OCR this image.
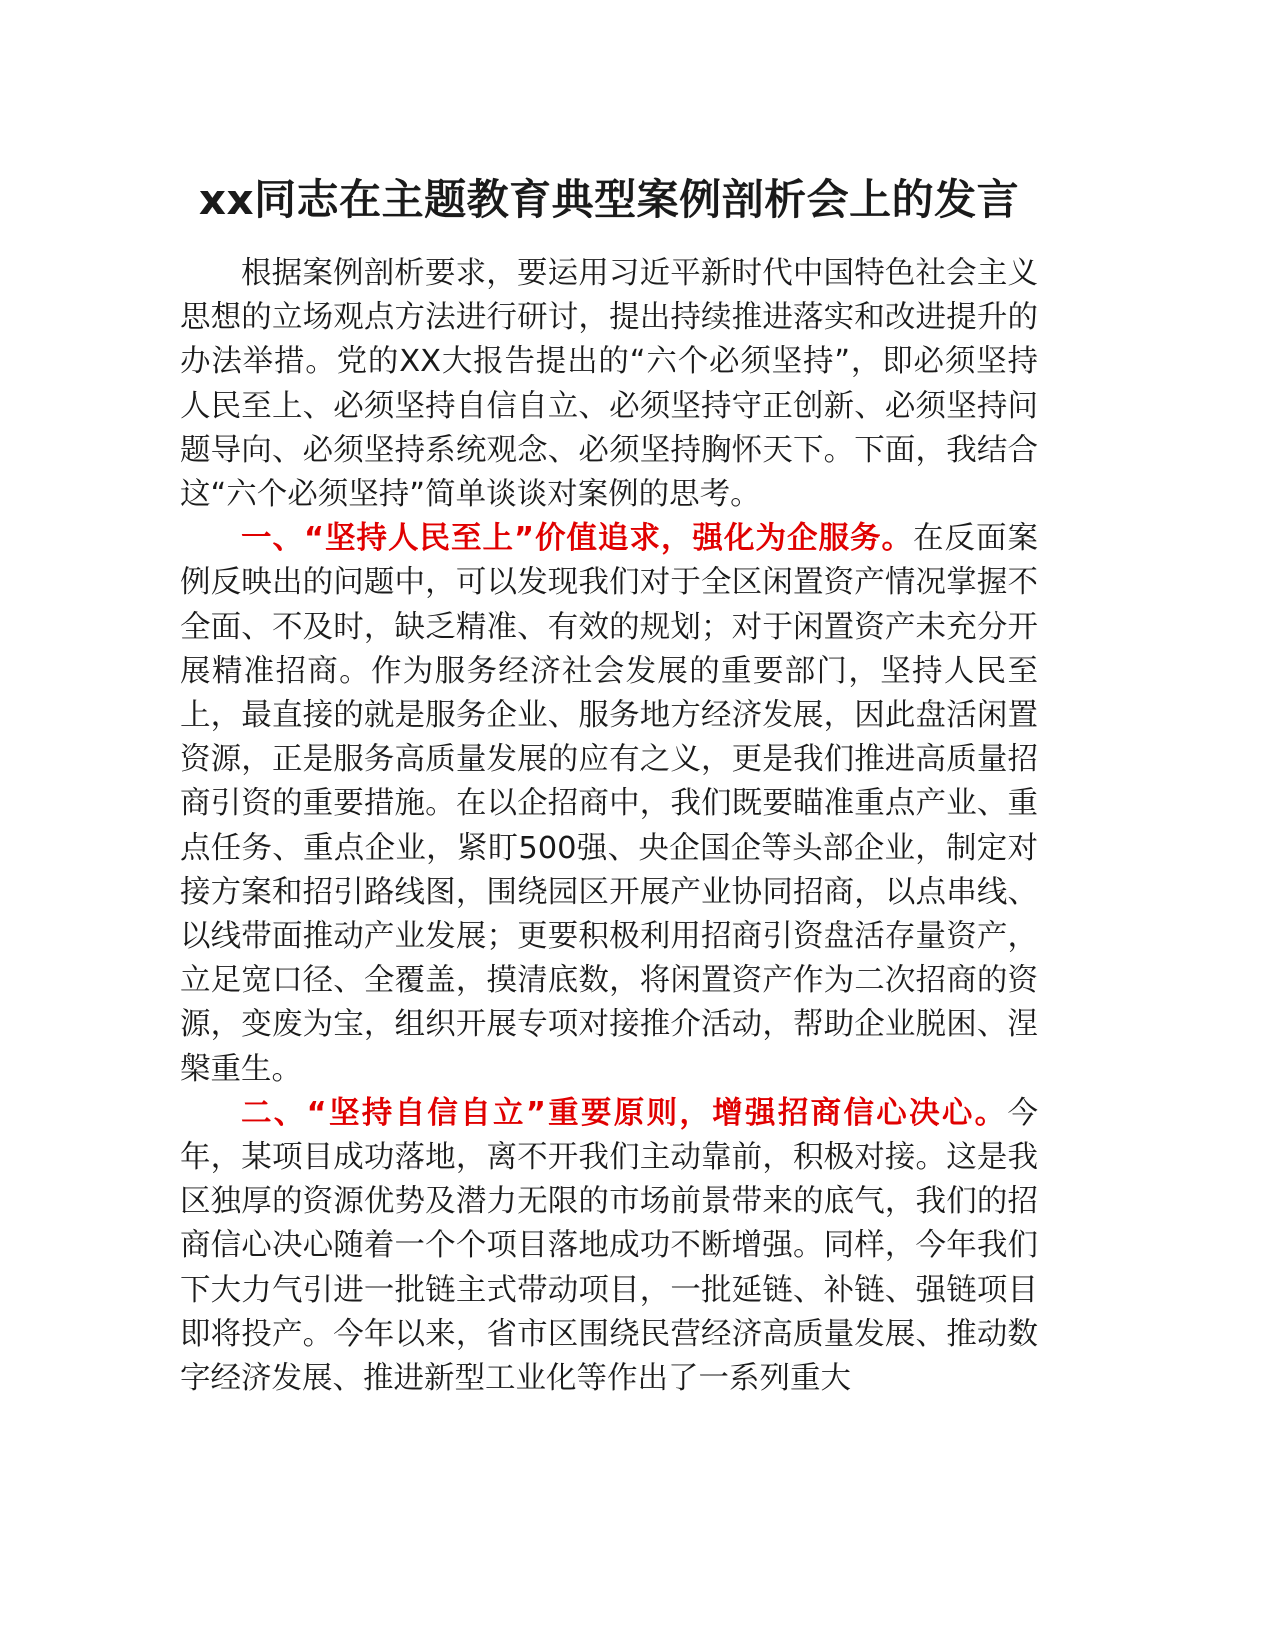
xx同志在主题教育典型案例剖析会上的发言

根据案例剖析要求，要运用习近平新时代中国特色社会主义思想的立场观点方法进行研讨，提出持续推进落实和改进提升的办法举措。党的XX大报告提出的“六个必须坚持”，即必须坚持人民至上、必须坚持自信自立、必须坚持守正创新、必须坚持问题导向、必须坚持系统观念、必须坚持胸怀天下。下面，我结合这“六个必须坚持”简单谈谈对案例的思考。

一、“坚持人民至上”价值追求，强化为企服务。在反面案例反映出的问题中，可以发现我们对于全区闲置资产情况掌握不全面、不及时，缺乏精准、有效的规划；对于闲置资产未充分开展精准招商。作为服务经济社会发展的重要部门，坚持人民至上，最直接的就是服务企业、服务地方经济发展，因此盘活闲置资源，正是服务高质量发展的应有之义，更是我们推进高质量招商引资的重要措施。在以企招商中，我们既要瞄准重点产业、重点任务、重点企业，紧盯500强、央企国企等头部企业，制定对接方案和招引路线图，围绕园区开展产业协同招商，以点串线、以线带面推动产业发展；更要积极利用招商引资盘活存量资产，立足宽口径、全覆盖，摸清底数，将闲置资产作为二次招商的资源，变废为宝，组织开展专项对接推介活动，帮助企业脱困、涅槃重生。

二、“坚持自信自立”重要原则，增强招商信心决心。今年，某项目成功落地，离不开我们主动靠前，积极对接。这是我区独厚的资源优势及潜力无限的市场前景带来的底气，我们的招商信心决心随着一个个项目落地成功不断增强。同样，今年我们下大力气引进一批链主式带动项目，一批延链、补链、强链项目即将投产。今年以来，省市区围绕民营经济高质量发展、推动数字经济发展、推进新型工业化等作出了一系列重大
